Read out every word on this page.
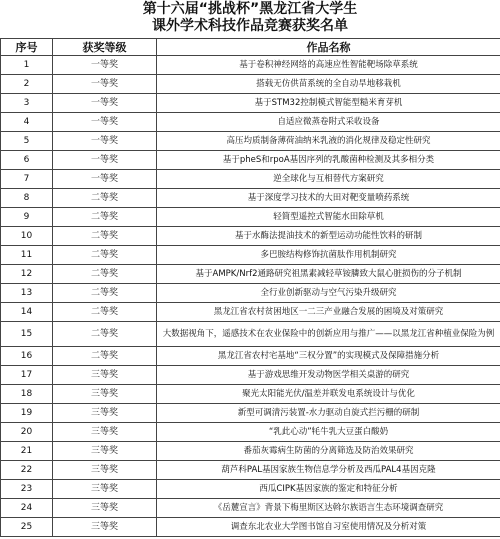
第十六届“挑战杯”黑龙江省大学生
课外学术科技作品竞赛获奖名单
序号	获奖等级	作品名称
1	一等奖	基于卷积神经网络的高速应性智能靶场除草系统
2	一等奖	搭载无仿供苗系统的全自动旱地移栽机
3	一等奖	基于STM32控制模式智能型糙米育芽机
4	一等奖	自适应微蒸卷附式采收设备
5	一等奖	高压均质制备薄荷油纳米乳液的消化规律及稳定性研究
6	一等奖	基于pheS和rpoA基因序列的乳酸菌种检测及其多相分类
7	一等奖	逆全球化与互相替代方案研究
8	二等奖	基于深度学习技术的大田对靶变量喷药系统
9	二等奖	轻简型遥控式智能水田除草机
10	二等奖	基于水酶法提油技术的新型运动功能性饮料的研制
11	二等奖	多巴胺结构修饰抗菌肽作用机制研究
12	二等奖	基于AMPK/Nrf2通路研究祖黑素减轻草铵膦致大鼠心脏损伤的分子机制
13	二等奖	全行业创新驱动与空气污染升级研究
14	二等奖	黑龙江省农村贫困地区一二三产业融合发展的困境及对策研究
15	二等奖	大数据视角下，遥感技术在农业保险中的创新应用与推广——以黑龙江省种植业保险为例
16	二等奖	黑龙江省农村宅基地“三权分置”的实现模式及保障措施分析
17	三等奖	基于游戏思维开发动物医学相关桌游的研究
18	三等奖	聚光太阳能光伏/温差并联发电系统设计与优化
19	三等奖	新型可调清污装置-水力驱动自旋式拦污栅的研制
20	三等奖	“乳此心动”牦牛乳大豆蛋白酸奶
21	三等奖	番茄灰霉病生防菌的分离筛选及防治效果研究
22	三等奖	葫芦科PAL基因家族生物信息学分析及西瓜PAL4基因克隆
23	三等奖	西瓜CIPK基因家族的鉴定和特征分析
24	三等奖	《岳麓宣言》背景下梅里斯区达斡尔族语言生态环境调查研究
25	三等奖	调查东北农业大学图书馆自习室使用情况及分析对策
